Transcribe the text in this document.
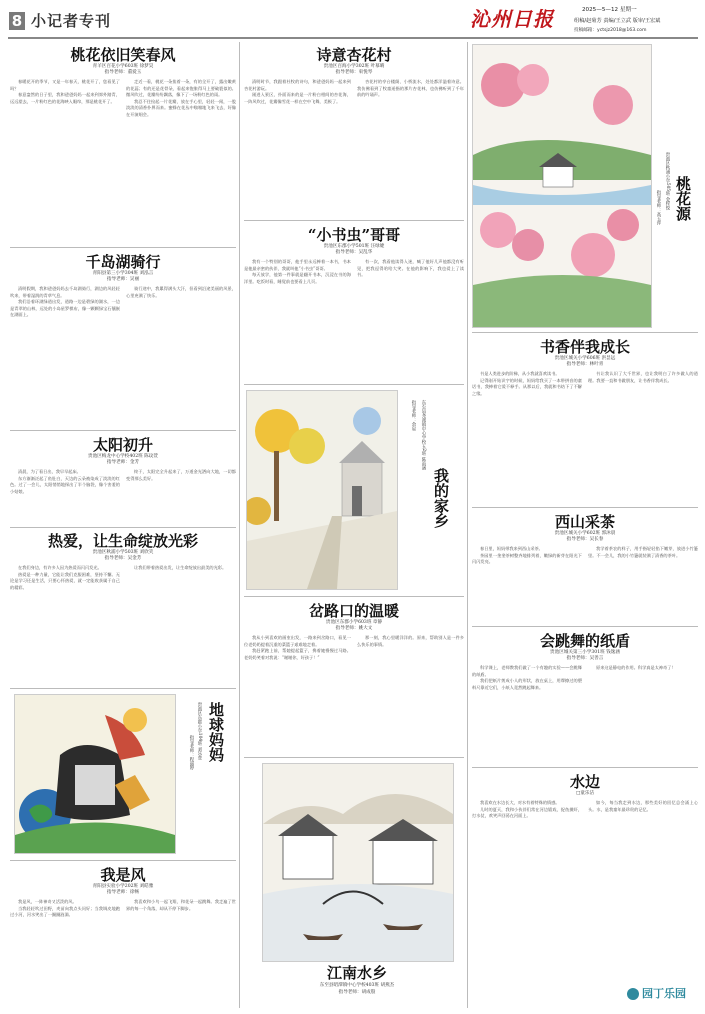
8 小记者专刊	沁州日报	2025—5—12 星期一
组稿/赵菊芳 责编/王立武 版审/王宏斌
投稿邮箱：yctsjz2018@163.com
桃花依旧笑春风

青羊区百花小学603班 徐梦昊

指导老师：董爱玉

春暖花开的季节，又是一年春天，桃花开了，您看见了吗？

春意盎然的日子里，我和爸爸妈妈一起来到郊外踏青，远远望去，一片粉红色的花海映入眼帘，那是桃花开了。

走近一看，桃花一朵挨着一朵，有的全开了，露出嫩黄的花蕊；有的还是花骨朵，看起来饱胀得马上要破裂似的。微风吹过，花瓣纷纷飘落，像下了一场粉红色的雨。

我忍不住捡起一片花瓣，放在手心里，轻轻一闻，一股淡淡的清香扑鼻而来。蜜蜂在花丛中嗡嗡地飞来飞去，好像在开演唱会。

千岛湖骑行

青阳县第三小学304班 刘泓言

指导老师：吴丽

清明假期，我和爸爸妈妈去千岛湖骑行，湖边的风轻轻吹来，带着湿润的青草气息。

我们沿着环湖绿道出发，道路一边是碧绿的湖水，一边是青翠的山林，远处的小岛星罗棋布，像一颗颗绿宝石镶嵌在湖面上。

骑行途中，我累得满头大汗，但看到沿途美丽的风景，心里充满了快乐。

太阳初升

贵池区梅龙中心学校402班 陈玟萱

指导老师：金芳

清晨，为了看日出，我早早起床。

东方渐渐泛起了鱼肚白，天边的云朵被染成了淡淡的红色。过了一会儿，太阳悄悄地探出了半个脑袋，像个害羞的小姑娘。

终于，太阳完全升起来了，万道金光洒向大地，一切都变得那么美好。

热爱，让生命绽放光彩

贵池区秋浦小学503班 刘欣笑

指导老师：吴金芳

在我们身边，有许多人因为热爱而闪闪发光。

热爱是一种力量，它能让我们克服困难，坚持不懈。无论是学习还是生活，只要心怀热爱，就一定能收获属于自己的精彩。

让我们带着热爱出发，让生命绽放出最美的光彩。

地球妈妈
贵池区东郡小学104班 刘乐萱
指导老师：程丽婷
我是风

青阳县实验小学202班 刘皓雅

指导老师：徐畅

我是风，一阵神奇又活泼的风。

当我轻轻吹过田野，麦苗向我点头问好；当我调皮地跑过小河，河水笑出了一圈圈涟漪。

我喜欢和小鸟一起飞翔，和花朵一起跳舞。我走遍了世界的每一个角落，却从不停下脚步。

诗意杏花村

贵池区百海小学302班 叶慕晴

指导老师：束悦琴

清明时节，我跟着杜牧的诗句，和爸爸妈妈一起来到杏花村游玩。

刚进入景区，扑面而来的是一片粉白相间的杏花海，一阵风吹过，花瓣像雪花一样在空中飞舞，美极了。

杏花村的亭台楼阁、小桥流水，处处都洋溢着诗意。我仿佛看到了牧童遥指的那片杏花林，也仿佛听到了千年前的吟诵声。

“小书虫”哥哥

贵池区东郡小学501班 汪绿婕

指导老师：吴乱华

我有一个特别的哥哥，他手里永远捧着一本书，书本是他最亲密的伙伴，我就叫他“小书虫”哥哥。

每天放学，他第一件事就是翻开书本，沉浸在书的海洋里。吃饭时看，睡觉前也要看上几页。

有一次，我看他读得入迷，喊了他好几声他都没有听见，把我逗得哈哈大笑。在他的影响下，我也爱上了读书。

我的家乡
东至县尧渡镇中心学校五2班 陈雨涵
指导老师：余星
岔路口的温暖

贵池区东郡小学603班 章静

指导老师：姚大文

我从小到喜欢的画室出发，一路来到岔路口，看见一位老奶奶提着沉重的菜篮子艰难地走着。

我赶紧跑上前，帮她提起篮子，搀着她慢慢过马路。老奶奶笑着对我说：“谢谢你，好孩子！”

那一刻，我心里暖洋洋的。原来，帮助别人是一件多么快乐的事情。

江南水乡
东至县昭潭镇中心学校403班 胡燕杰
指导老师：胡成殷
桃花源
贵池区秋浦小学505班 金梓悦
指导老师：高玉萍
书香伴我成长

贵池区城关小学606班 洪昙远

指导老师：林叶青

书是人类进步的阶梯，从小我就喜欢读书。

记得刚开始识字的时候，妈妈给我买了一本带拼音的童话书，我捧着它爱不释手。从那以后，我就和书结下了不解之缘。

书让我认识了大千世界，也让我明白了许多做人的道理。我要一直和书做朋友，让书香伴我成长。

西山采茶

贵池区城关小学602班 郭沐晨

指导老师：吴长春

春日里，妈妈带我来到西山采茶。

茶园里一垄垄茶树整齐地排列着，嫩绿的新芽在阳光下闪闪发亮。

我学着茶农的样子，用手指轻轻掐下嫩芽，放进小竹篓里。不一会儿，我的小竹篓就装满了清香的茶叶。

会跳舞的纸盾

贵池区城关第三小学301班 钱逸涵

指导老师：吴善言

科学课上，老师教我们做了一个有趣的实验——会跳舞的纸盾。

我们把纸片剪成小人的形状，放在桌上，用摩擦过的塑料尺靠近它们，小纸人竟然跳起舞来。

原来这是静电的作用。科学真是太神奇了！

水边

□童乐洁

我喜欢在水边长大，对水有着特殊的情感。

儿时的夏天，我和小伙伴们常在河边嬉戏，捉鱼摸虾，打水仗，欢笑声回荡在河面上。

如今，每当我走到水边，那些美好的回忆总会涌上心头。水，是我童年最珍贵的记忆。

园丁乐园
